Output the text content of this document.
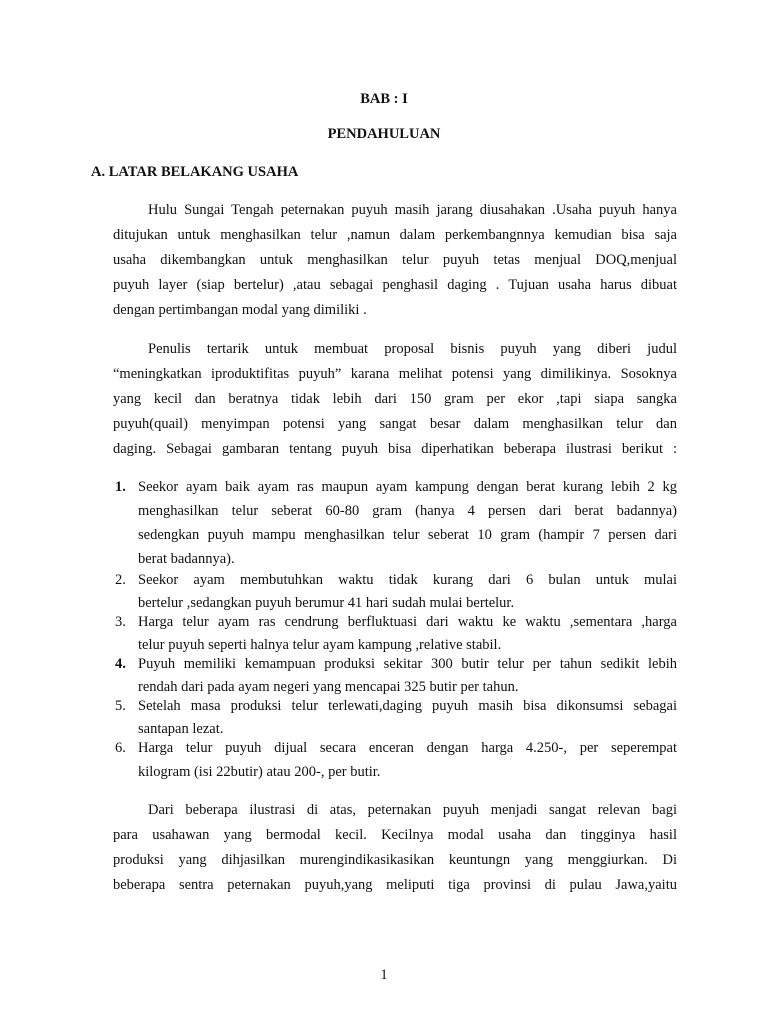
BAB : I
PENDAHULUAN
A. LATAR BELAKANG USAHA
Hulu Sungai Tengah peternakan puyuh masih jarang diusahakan .Usaha puyuh hanya
ditujukan untuk menghasilkan telur ,namun dalam perkembangnnya kemudian bisa saja
usaha dikembangkan untuk menghasilkan telur puyuh tetas menjual DOQ,menjual
puyuh layer (siap bertelur) ,atau sebagai penghasil daging . Tujuan usaha harus dibuat
dengan pertimbangan modal yang dimiliki .
Penulis tertarik untuk membuat proposal bisnis puyuh yang diberi judul
“meningkatkan iproduktifitas puyuh” karana melihat potensi yang dimilikinya. Sosoknya
yang kecil dan beratnya tidak lebih dari 150 gram per ekor ,tapi siapa sangka
puyuh(quail) menyimpan potensi yang sangat besar dalam menghasilkan telur dan
daging. Sebagai gambaran tentang puyuh bisa diperhatikan beberapa ilustrasi berikut :
1. Seekor ayam baik ayam ras maupun ayam kampung dengan berat kurang lebih 2 kg
menghasilkan telur seberat 60-80 gram (hanya 4 persen dari berat badannya)
sedengkan puyuh mampu menghasilkan telur seberat 10 gram (hampir 7 persen dari
berat badannya).
2. Seekor ayam membutuhkan waktu tidak kurang dari 6 bulan untuk mulai
bertelur ,sedangkan puyuh berumur 41 hari sudah mulai bertelur.
3. Harga telur ayam ras cendrung berfluktuasi dari waktu ke waktu ,sementara ,harga
telur puyuh seperti halnya telur ayam kampung ,relative stabil.
4. Puyuh memiliki kemampuan produksi sekitar 300 butir telur per tahun sedikit lebih
rendah dari pada ayam negeri yang mencapai 325 butir per tahun.
5. Setelah masa produksi telur terlewati,daging puyuh masih bisa dikonsumsi sebagai
santapan lezat.
6. Harga telur puyuh dijual secara enceran dengan harga 4.250-, per seperempat
kilogram (isi 22butir) atau 200-, per butir.
Dari beberapa ilustrasi di atas, peternakan puyuh menjadi sangat relevan bagi
para usahawan yang bermodal kecil. Kecilnya modal usaha dan tingginya hasil
produksi yang dihjasilkan murengindikasikasikan keuntungn yang menggiurkan. Di
beberapa sentra peternakan puyuh,yang meliputi tiga provinsi di pulau Jawa,yaitu
1
